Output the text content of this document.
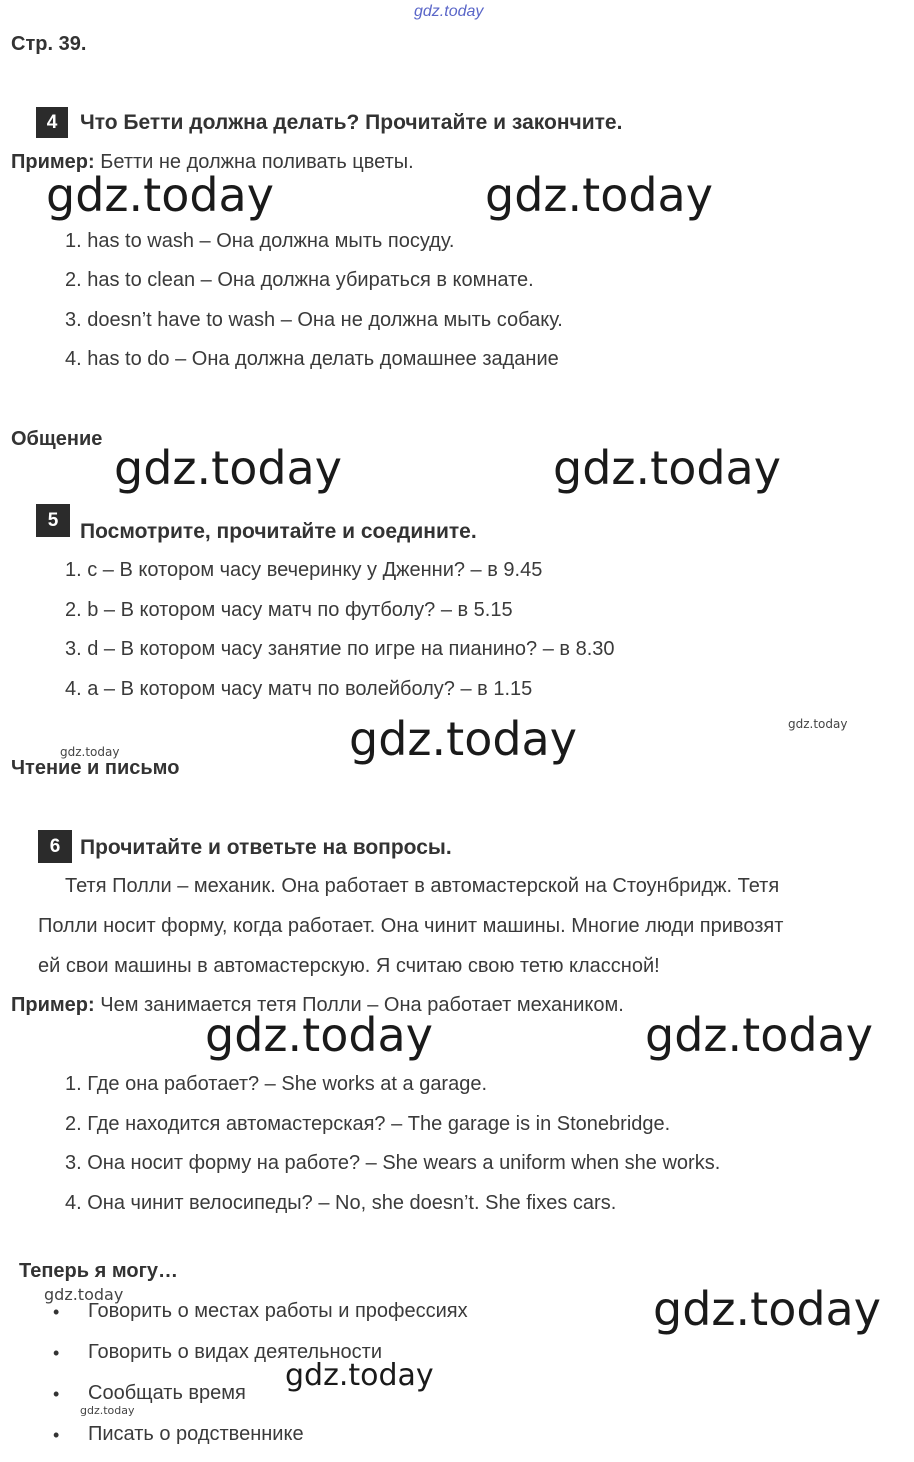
gdz.today
Стр. 39.
4	Что Бетти должна делать? Прочитайте и закончите.
Пример: Бетти не должна поливать цветы.
1. has to wash – Она должна мыть посуду.
2. has to clean – Она должна убираться в комнате.
3. doesn’t have to wash – Она не должна мыть собаку.
4. has to do – Она должна делать домашнее задание
Общение
5	Посмотрите, прочитайте и соедините.
1. c – В котором часу вечеринку у Дженни? – в 9.45
2. b – В котором часу матч по футболу? – в 5.15
3. d – В котором часу занятие по игре на пианино? – в 8.30
4. a – В котором часу матч по волейболу? – в 1.15
Чтение и письмо
6 Прочитайте и ответьте на вопросы.
Тетя Полли – механик. Она работает в автомастерской на Стоунбридж. Тетя
Полли носит форму, когда работает. Она чинит машины. Многие люди привозят
ей свои машины в автомастерскую. Я считаю свою тетю классной!
Пример: Чем занимается тетя Полли – Она работает механиком.
1. Где она работает? – She works at a garage.
2. Где находится автомастерская? – The garage is in Stonebridge.
3. Она носит форму на работе? – She wears a uniform when she works.
4. Она чинит велосипеды? – No, she doesn’t. She fixes cars.
Теперь я могу…
• Говорить о местах работы и профессиях
• Говорить о видах деятельности
• Сообщать время
• Писать о родственнике
gdz.today	gdz.today
gdz.today	gdz.today
gdz.today
gdz.today	gdz.today
gdz.today
gdz.today
gdz.today
gdz.today
gdz.today
gdz.today
